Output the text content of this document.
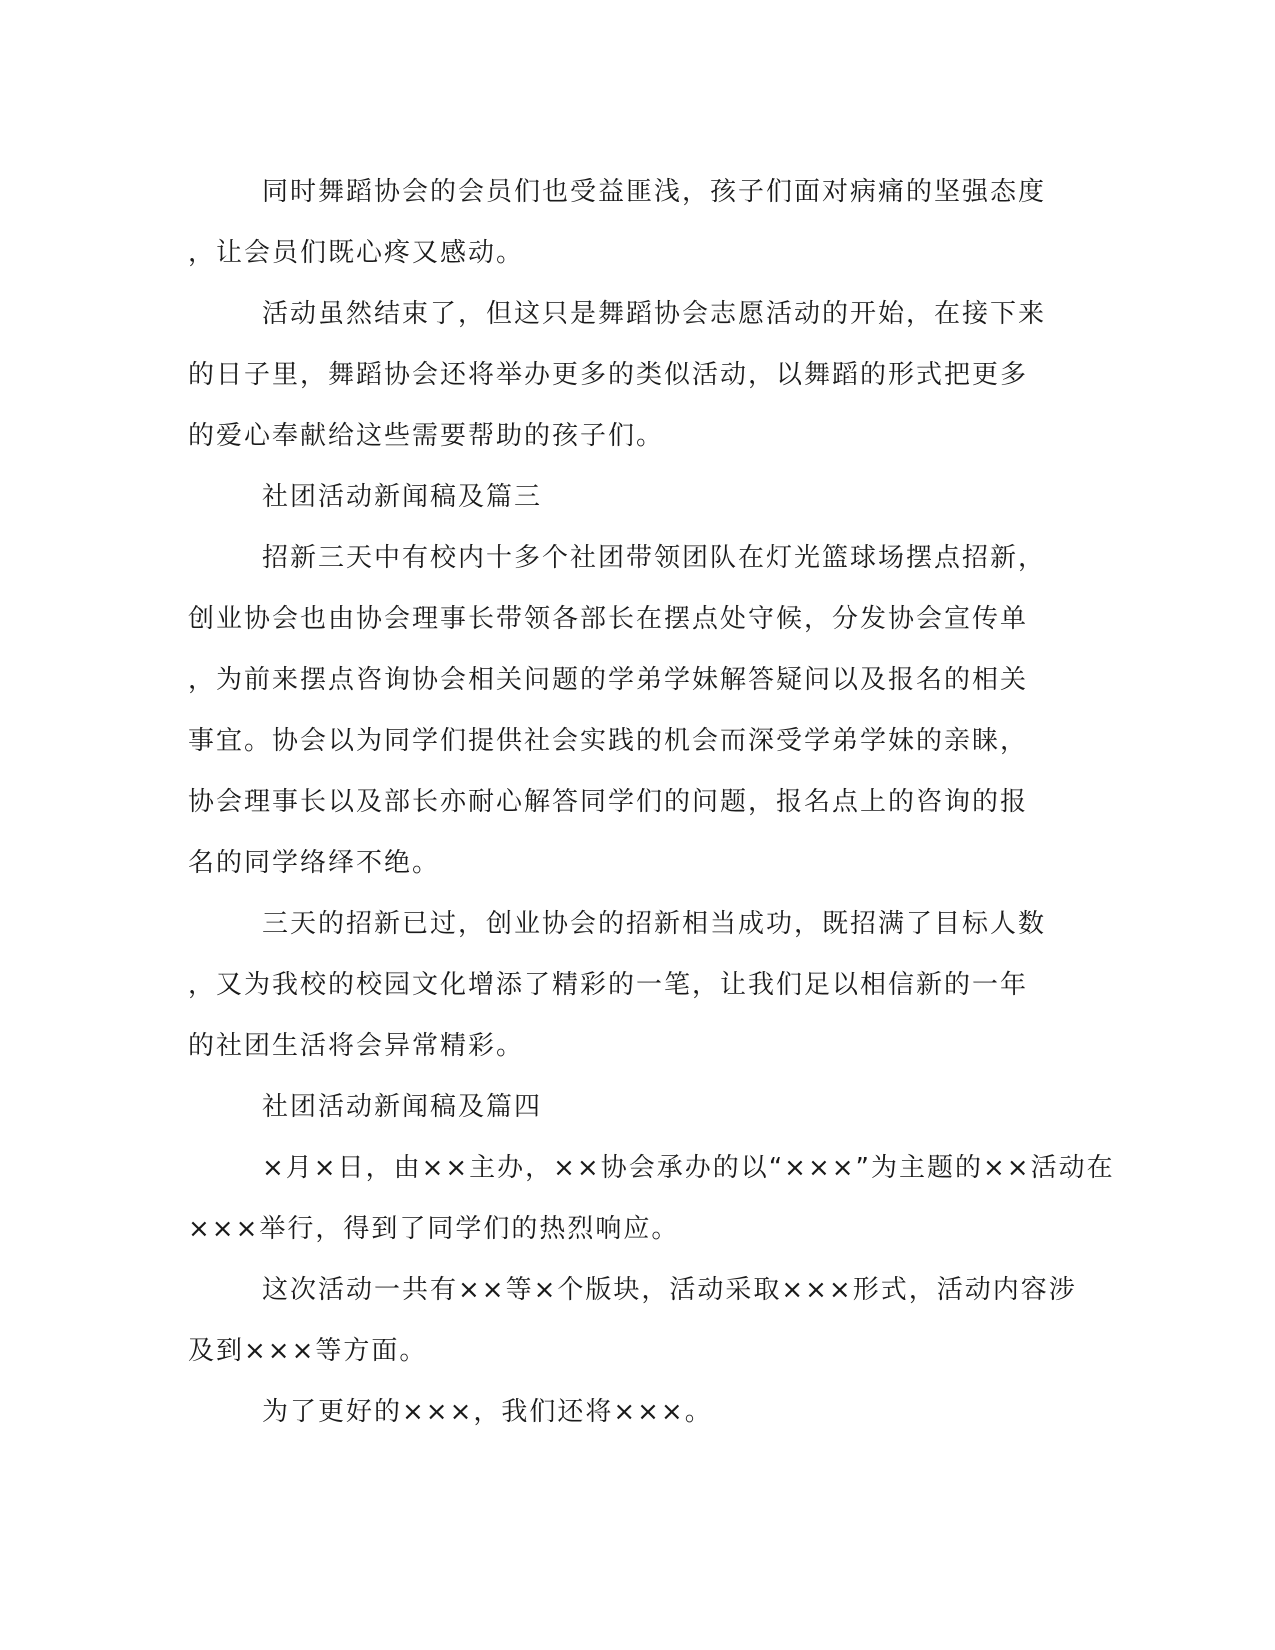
同时舞蹈协会的会员们也受益匪浅，孩子们面对病痛的坚强态度
，让会员们既心疼又感动。

活动虽然结束了，但这只是舞蹈协会志愿活动的开始，在接下来
的日子里，舞蹈协会还将举办更多的类似活动，以舞蹈的形式把更多
的爱心奉献给这些需要帮助的孩子们。

社团活动新闻稿及篇三

招新三天中有校内十多个社团带领团队在灯光篮球场摆点招新，
创业协会也由协会理事长带领各部长在摆点处守候，分发协会宣传单
，为前来摆点咨询协会相关问题的学弟学妹解答疑问以及报名的相关
事宜。协会以为同学们提供社会实践的机会而深受学弟学妹的亲睐，
协会理事长以及部长亦耐心解答同学们的问题，报名点上的咨询的报
名的同学络绎不绝。

三天的招新已过，创业协会的招新相当成功，既招满了目标人数
，又为我校的校园文化增添了精彩的一笔，让我们足以相信新的一年
的社团生活将会异常精彩。

社团活动新闻稿及篇四

×月×日，由××主办，××协会承办的以“×××”为主题的××活动在
×××举行，得到了同学们的热烈响应。

这次活动一共有××等×个版块，活动采取×××形式，活动内容涉
及到×××等方面。

为了更好的×××，我们还将×××。
